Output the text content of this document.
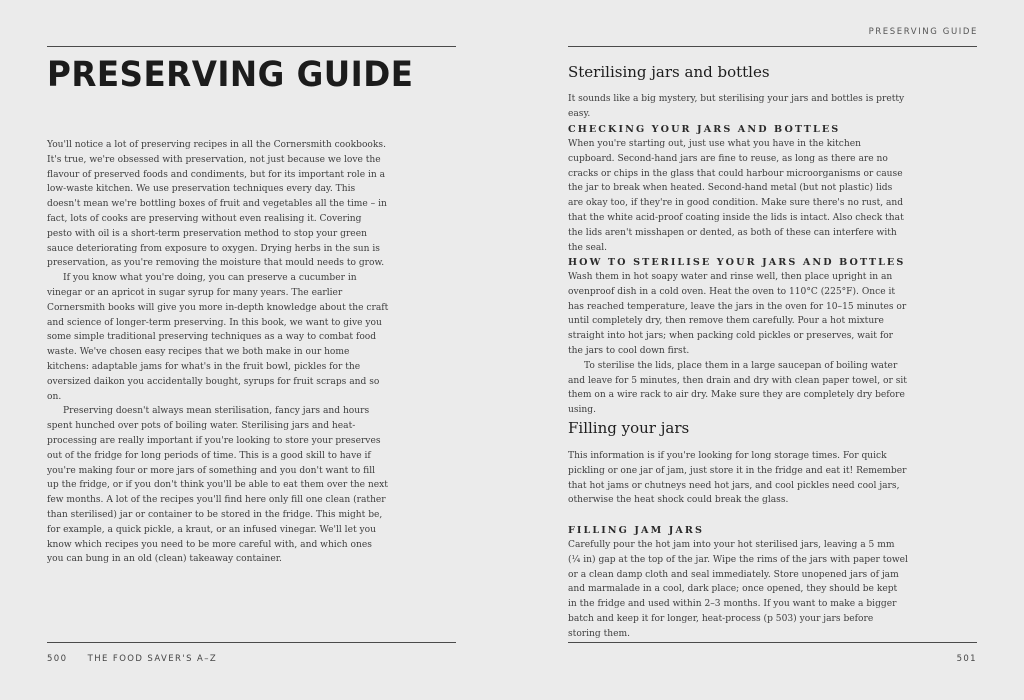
PRESERVING GUIDE
PRESERVING GUIDE

You'll notice a lot of preserving recipes in all the Cornersmith cookbooks. It's true, we're obsessed with preservation, not just because we love the flavour of preserved foods and condiments, but for its important role in a low-waste kitchen. We use preservation techniques every day. This doesn't mean we're bottling boxes of fruit and vegetables all the time – in fact, lots of cooks are preserving without even realising it. Covering pesto with oil is a short-term preservation method to stop your green sauce deteriorating from exposure to oxygen. Drying herbs in the sun is preservation, as you're removing the moisture that mould needs to grow.

If you know what you're doing, you can preserve a cucumber in vinegar or an apricot in sugar syrup for many years. The earlier Cornersmith books will give you more in-depth knowledge about the craft and science of longer-term preserving. In this book, we want to give you some simple traditional preserving techniques as a way to combat food waste. We've chosen easy recipes that we both make in our home kitchens: adaptable jams for what's in the fruit bowl, pickles for the oversized daikon you accidentally bought, syrups for fruit scraps and so on.

Preserving doesn't always mean sterilisation, fancy jars and hours spent hunched over pots of boiling water. Sterilising jars and heat-processing are really important if you're looking to store your preserves out of the fridge for long periods of time. This is a good skill to have if you're making four or more jars of something and you don't want to fill up the fridge, or if you don't think you'll be able to eat them over the next few months. A lot of the recipes you'll find here only fill one clean (rather than sterilised) jar or container to be stored in the fridge. This might be, for example, a quick pickle, a kraut, or an infused vinegar. We'll let you know which recipes you need to be more careful with, and which ones you can bung in an old (clean) takeaway container.

Sterilising jars and bottles

It sounds like a big mystery, but sterilising your jars and bottles is pretty easy.

CHECKING YOUR JARS AND BOTTLES

When you're starting out, just use what you have in the kitchen cupboard. Second-hand jars are fine to reuse, as long as there are no cracks or chips in the glass that could harbour microorganisms or cause the jar to break when heated. Second-hand metal (but not plastic) lids are okay too, if they're in good condition. Make sure there's no rust, and that the white acid-proof coating inside the lids is intact. Also check that the lids aren't misshapen or dented, as both of these can interfere with the seal.

HOW TO STERILISE YOUR JARS AND BOTTLES

Wash them in hot soapy water and rinse well, then place upright in an ovenproof dish in a cold oven. Heat the oven to 110°C (225°F). Once it has reached temperature, leave the jars in the oven for 10–15 minutes or until completely dry, then remove them carefully. Pour a hot mixture straight into hot jars; when packing cold pickles or preserves, wait for the jars to cool down first.

To sterilise the lids, place them in a large saucepan of boiling water and leave for 5 minutes, then drain and dry with clean paper towel, or sit them on a wire rack to air dry. Make sure they are completely dry before using.

Filling your jars

This information is if you're looking for long storage times. For quick pickling or one jar of jam, just store it in the fridge and eat it! Remember that hot jams or chutneys need hot jars, and cool pickles need cool jars, otherwise the heat shock could break the glass.

FILLING JAM JARS

Carefully pour the hot jam into your hot sterilised jars, leaving a 5 mm (¼ in) gap at the top of the jar. Wipe the rims of the jars with paper towel or a clean damp cloth and seal immediately. Store unopened jars of jam and marmalade in a cool, dark place; once opened, they should be kept in the fridge and used within 2–3 months. If you want to make a bigger batch and keep it for longer, heat-process (p 503) your jars before storing them.

500 THE FOOD SAVER'S A–Z	501
